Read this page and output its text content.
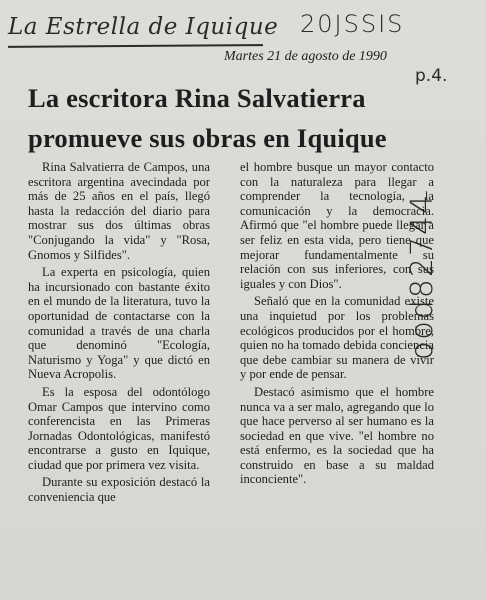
La Estrella de Iquique 20JSSIS
p.4.
ood82744
Martes 21 de agosto de 1990
La escritora Rina Salvatierra promueve sus obras en Iquique

Rina Salvatierra de Campos, una escritora argentina avecindada por más de 25 años en el país, llegó hasta la redacción del diario para mostrar sus dos últimas obras "Conjugando la vida" y "Rosa, Gnomos y Silfides".

La experta en psicología, quien ha incursionado con bastante éxito en el mundo de la literatura, tuvo la oportunidad de contactarse con la comunidad a través de una charla que denominó "Ecología, Naturismo y Yoga" y que dictó en Nueva Acropolis.

Es la esposa del odontólogo Omar Campos que intervino como conferencista en las Primeras Jornadas Odontológicas, manifestó encontrarse a gusto en Iquique, ciudad que por primera vez visita.

Durante su exposición destacó la conveniencia que

el hombre busque un mayor contacto con la naturaleza para llegar a comprender la tecnología, la comunicación y la democracia. Afirmó que "el hombre puede llegar a ser feliz en esta vida, pero tiene que mejorar fundamentalmente su relación con sus inferiores, con sus iguales y con Dios".

Señaló que en la comunidad existe una inquietud por los problemas ecológicos producidos por el hombre, quien no ha tomado debida conciencia que debe cambiar su manera de vivir y por ende de pensar.

Destacó asimismo que el hombre nunca va a ser malo, agregando que lo que hace perverso al ser humano es la sociedad en que vive. "el hombre no está enfermo, es la sociedad que ha construido en base a su maldad inconciente".
